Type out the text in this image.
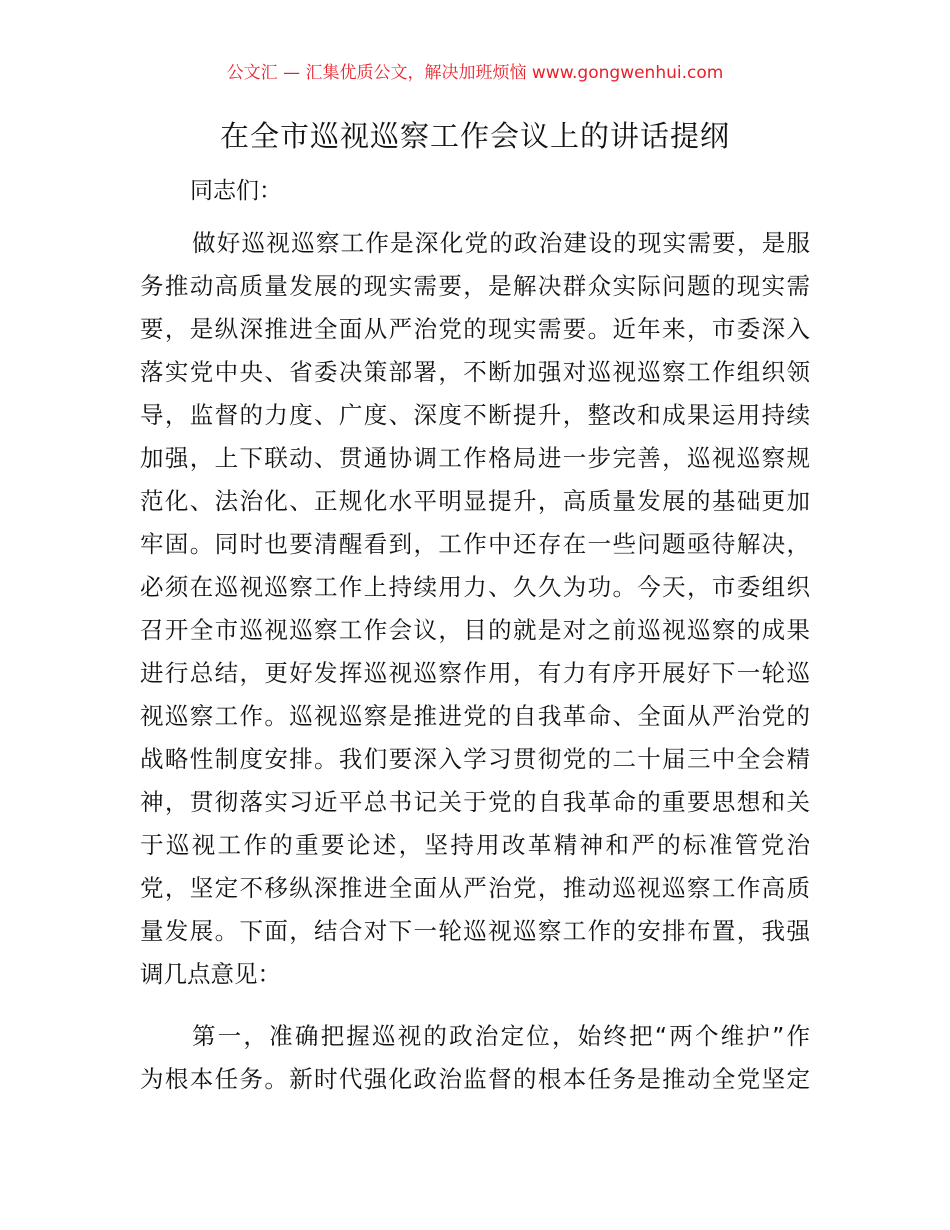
公文汇 — 汇集优质公文，解决加班烦恼 www.gongwenhui.com
在全市巡视巡察工作会议上的讲话提纲
同志们：
做好巡视巡察工作是深化党的政治建设的现实需要，是服
务推动高质量发展的现实需要，是解决群众实际问题的现实需
要，是纵深推进全面从严治党的现实需要。近年来，市委深入
落实党中央、省委决策部署，不断加强对巡视巡察工作组织领
导，监督的力度、广度、深度不断提升，整改和成果运用持续
加强，上下联动、贯通协调工作格局进一步完善，巡视巡察规
范化、法治化、正规化水平明显提升，高质量发展的基础更加
牢固。同时也要清醒看到，工作中还存在一些问题亟待解决，
必须在巡视巡察工作上持续用力、久久为功。今天，市委组织
召开全市巡视巡察工作会议，目的就是对之前巡视巡察的成果
进行总结，更好发挥巡视巡察作用，有力有序开展好下一轮巡
视巡察工作。巡视巡察是推进党的自我革命、全面从严治党的
战略性制度安排。我们要深入学习贯彻党的二十届三中全会精
神，贯彻落实习近平总书记关于党的自我革命的重要思想和关
于巡视工作的重要论述，坚持用改革精神和严的标准管党治
党，坚定不移纵深推进全面从严治党，推动巡视巡察工作高质
量发展。下面，结合对下一轮巡视巡察工作的安排布置，我强
调几点意见：
第一，准确把握巡视的政治定位，始终把“两个维护”作
为根本任务。新时代强化政治监督的根本任务是推动全党坚定
